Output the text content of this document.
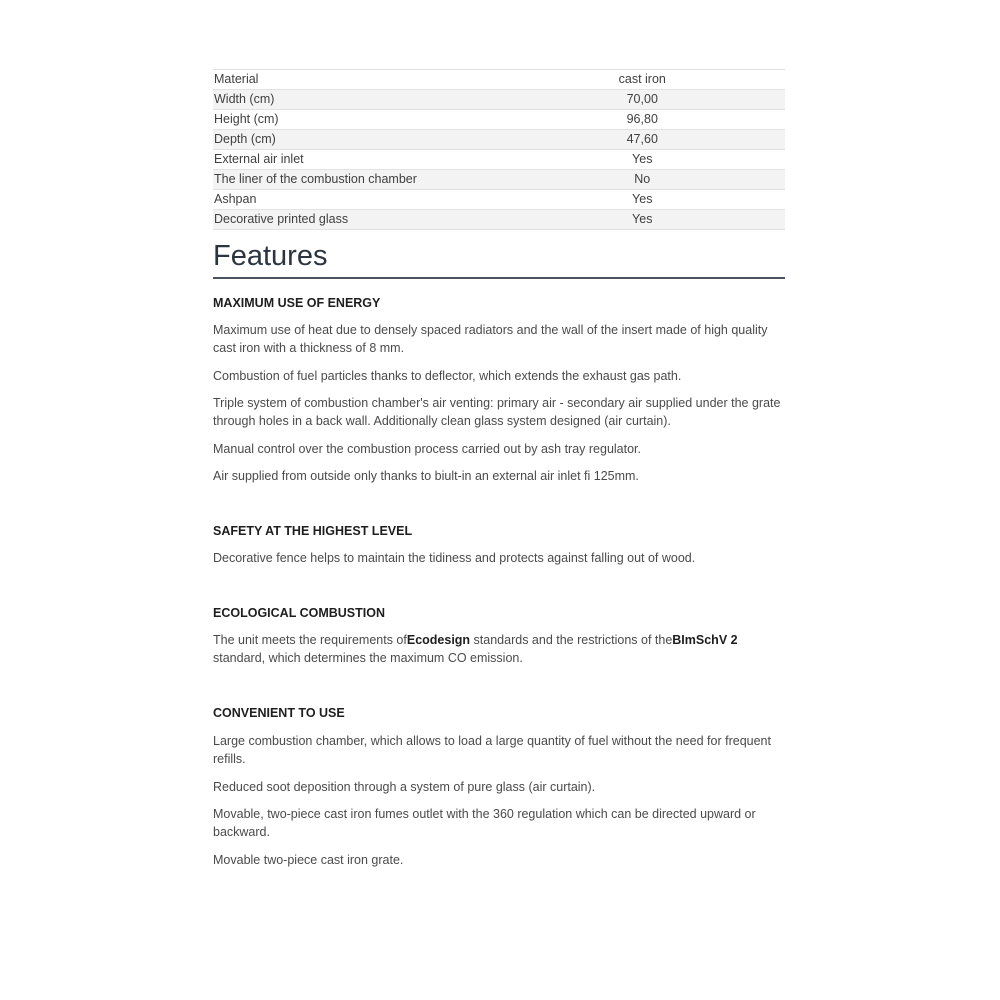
Material	cast iron
Width (cm)	70,00
Height (cm)	96,80
Depth (cm)	47,60
External air inlet	Yes
The liner of the combustion chamber	No
Ashpan	Yes
Decorative printed glass	Yes
Features
MAXIMUM USE OF ENERGY

Maximum use of heat due to densely spaced radiators and the wall of the insert made of high quality cast iron with a thickness of 8 mm.

Combustion of fuel particles thanks to deflector, which extends the exhaust gas path.

Triple system of combustion chamber's air venting: primary air - secondary air supplied under the grate through holes in a back wall. Additionally clean glass system designed (air curtain).

Manual control over the combustion process carried out by ash tray regulator.

Air supplied from outside only thanks to biult-in an external air inlet fi 125mm.

SAFETY AT THE HIGHEST LEVEL

Decorative fence helps to maintain the tidiness and protects against falling out of wood.

ECOLOGICAL COMBUSTION

The unit meets the requirements ofEcodesign standards and the restrictions of theBImSchV 2
standard, which determines the maximum CO emission.

CONVENIENT TO USE

Large combustion chamber, which allows to load a large quantity of fuel without the need for frequent refills.

Reduced soot deposition through a system of pure glass (air curtain).

Movable, two-piece cast iron fumes outlet with the 360 regulation which can be directed upward or backward.

Movable two-piece cast iron grate.
